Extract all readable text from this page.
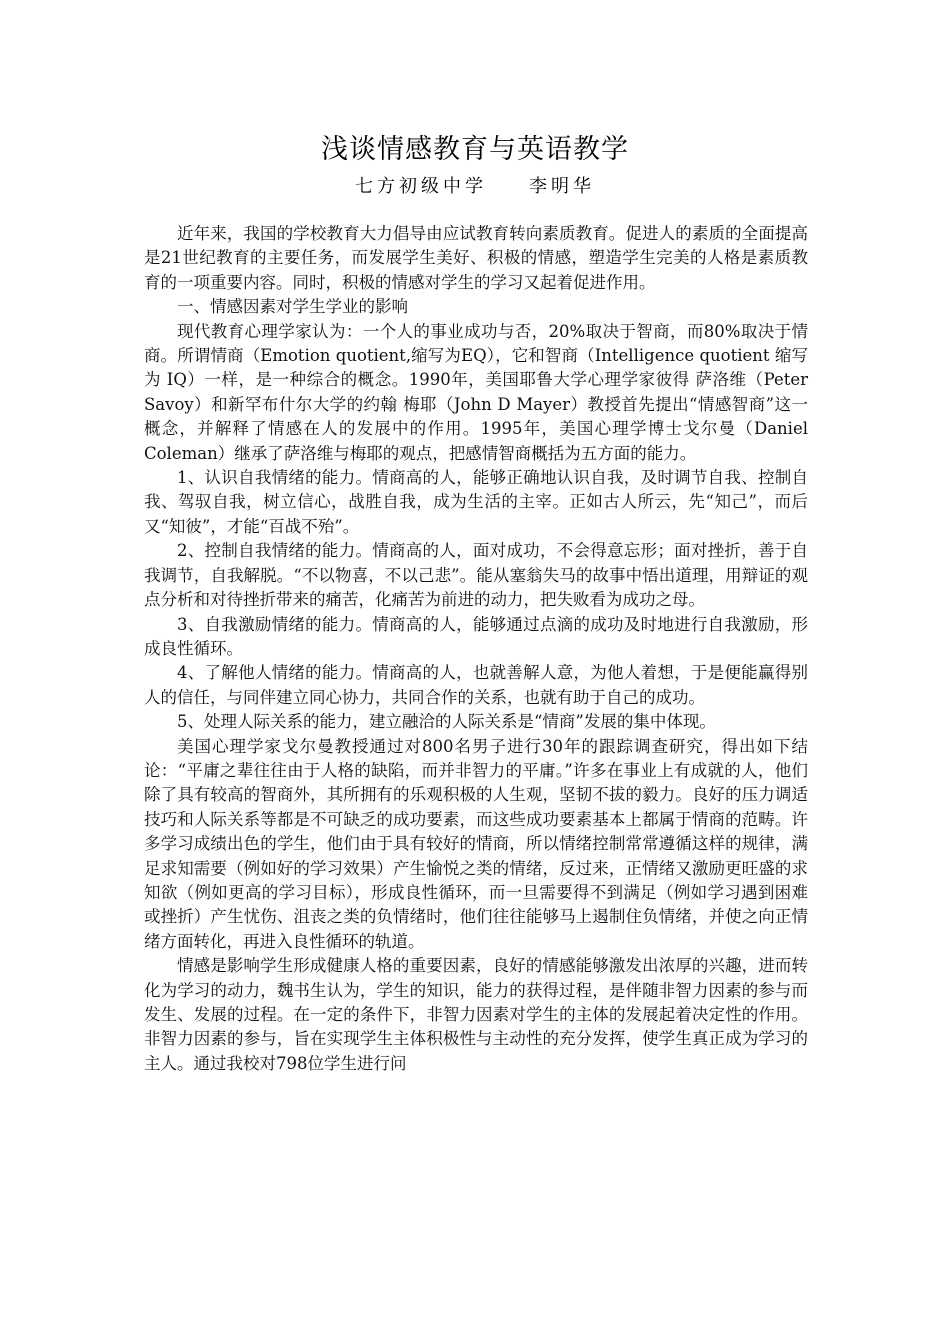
浅谈情感教育与英语教学
七方初级中学 李明华

近年来，我国的学校教育大力倡导由应试教育转向素质教育。促进人的素质的全面提高是21世纪教育的主要任务，而发展学生美好、积极的情感，塑造学生完美的人格是素质教育的一项重要内容。同时，积极的情感对学生的学习又起着促进作用。

一、情感因素对学生学业的影响

现代教育心理学家认为：一个人的事业成功与否，20%取决于智商，而80%取决于情商。所谓情商（Emotion quotient,缩写为EQ），它和智商（Intelligence quotient 缩写为 IQ）一样，是一种综合的概念。1990年，美国耶鲁大学心理学家彼得 萨洛维（Peter Savoy）和新罕布什尔大学的约翰 梅耶（John D Mayer）教授首先提出“情感智商”这一概念，并解释了情感在人的发展中的作用。1995年，美国心理学博士戈尔曼（Daniel Coleman）继承了萨洛维与梅耶的观点，把感情智商概括为五方面的能力。

1、认识自我情绪的能力。情商高的人，能够正确地认识自我，及时调节自我、控制自我、驾驭自我，树立信心，战胜自我，成为生活的主宰。正如古人所云，先“知己”，而后又“知彼”，才能“百战不殆”。

2、控制自我情绪的能力。情商高的人，面对成功，不会得意忘形；面对挫折，善于自我调节，自我解脱。“不以物喜，不以己悲”。能从塞翁失马的故事中悟出道理，用辩证的观点分析和对待挫折带来的痛苦，化痛苦为前进的动力，把失败看为成功之母。

3、自我激励情绪的能力。情商高的人，能够通过点滴的成功及时地进行自我激励，形成良性循环。

4、了解他人情绪的能力。情商高的人，也就善解人意，为他人着想，于是便能赢得别人的信任，与同伴建立同心协力，共同合作的关系，也就有助于自己的成功。

5、处理人际关系的能力，建立融洽的人际关系是“情商”发展的集中体现。

美国心理学家戈尔曼教授通过对800名男子进行30年的跟踪调查研究，得出如下结论：“平庸之辈往往由于人格的缺陷，而并非智力的平庸。”许多在事业上有成就的人，他们除了具有较高的智商外，其所拥有的乐观积极的人生观，坚韧不拔的毅力。良好的压力调适技巧和人际关系等都是不可缺乏的成功要素，而这些成功要素基本上都属于情商的范畴。许多学习成绩出色的学生，他们由于具有较好的情商，所以情绪控制常常遵循这样的规律，满足求知需要（例如好的学习效果）产生愉悦之类的情绪，反过来，正情绪又激励更旺盛的求知欲（例如更高的学习目标），形成良性循环，而一旦需要得不到满足（例如学习遇到困难或挫折）产生忧伤、沮丧之类的负情绪时，他们往往能够马上遏制住负情绪，并使之向正情绪方面转化，再进入良性循环的轨道。

情感是影响学生形成健康人格的重要因素，良好的情感能够激发出浓厚的兴趣，进而转化为学习的动力，魏书生认为，学生的知识，能力的获得过程，是伴随非智力因素的参与而发生、发展的过程。在一定的条件下，非智力因素对学生的主体的发展起着决定性的作用。非智力因素的参与，旨在实现学生主体积极性与主动性的充分发挥，使学生真正成为学习的主人。通过我校对798位学生进行问
